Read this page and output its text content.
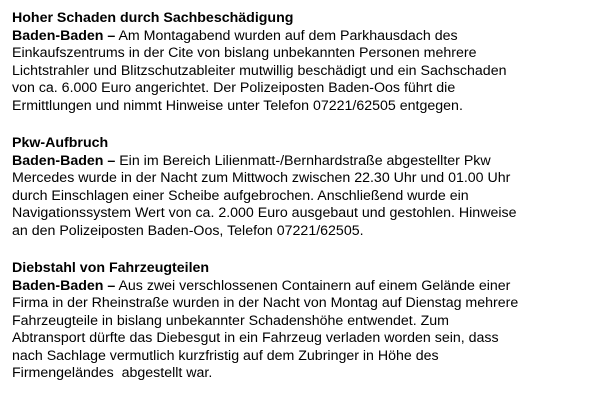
Hoher Schaden durch Sachbeschädigung

Baden-Baden – Am Montagabend wurden auf dem Parkhausdach des

Einkaufszentrums in der Cite von bislang unbekannten Personen mehrere

Lichtstrahler und Blitzschutzableiter mutwillig beschädigt und ein Sachschaden

von ca. 6.000 Euro angerichtet. Der Polizeiposten Baden-Oos führt die

Ermittlungen und nimmt Hinweise unter Telefon 07221/62505 entgegen.

Pkw-Aufbruch

Baden-Baden – Ein im Bereich Lilienmatt-/Bernhardstraße abgestellter Pkw

Mercedes wurde in der Nacht zum Mittwoch zwischen 22.30 Uhr und 01.00 Uhr

durch Einschlagen einer Scheibe aufgebrochen. Anschließend wurde ein

Navigationssystem Wert von ca. 2.000 Euro ausgebaut und gestohlen. Hinweise

an den Polizeiposten Baden-Oos, Telefon 07221/62505.

Diebstahl von Fahrzeugteilen

Baden-Baden – Aus zwei verschlossenen Containern auf einem Gelände einer

Firma in der Rheinstraße wurden in der Nacht von Montag auf Dienstag mehrere

Fahrzeugteile in bislang unbekannter Schadenshöhe entwendet. Zum

Abtransport dürfte das Diebesgut in ein Fahrzeug verladen worden sein, dass

nach Sachlage vermutlich kurzfristig auf dem Zubringer in Höhe des

Firmengeländes  abgestellt war.
